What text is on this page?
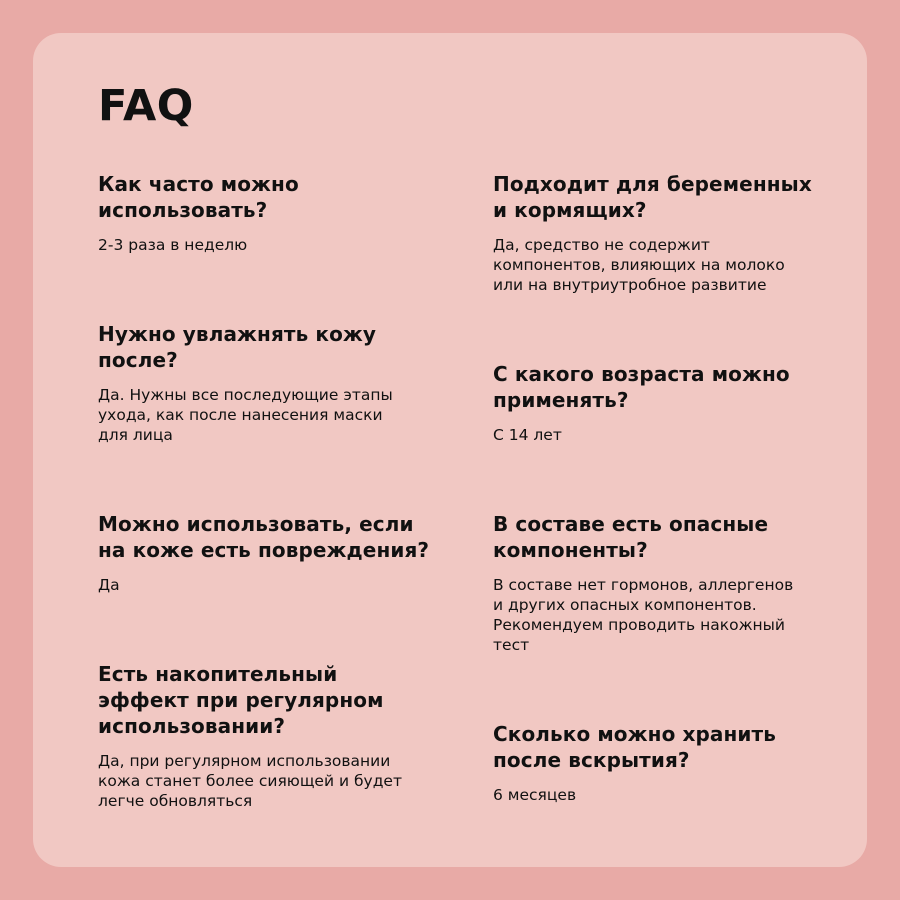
FAQ

Как часто можно
использовать?

2-3 раза в неделю

Подходит для беременных
и кормящих?

Да, средство не содержит
компонентов, влияющих на молоко
или на внутриутробное развитие

Нужно увлажнять кожу
после?

Да. Нужны все последующие этапы
ухода, как после нанесения маски
для лица

С какого возраста можно
применять?

С 14 лет

Можно использовать, если
на коже есть повреждения?

Да

В составе есть опасные
компоненты?

В составе нет гормонов, аллергенов
и других опасных компонентов.
Рекомендуем проводить накожный
тест

Есть накопительный
эффект при регулярном
использовании?

Да, при регулярном использовании
кожа станет более сияющей и будет
легче обновляться

Сколько можно хранить
после вскрытия?

6 месяцев
